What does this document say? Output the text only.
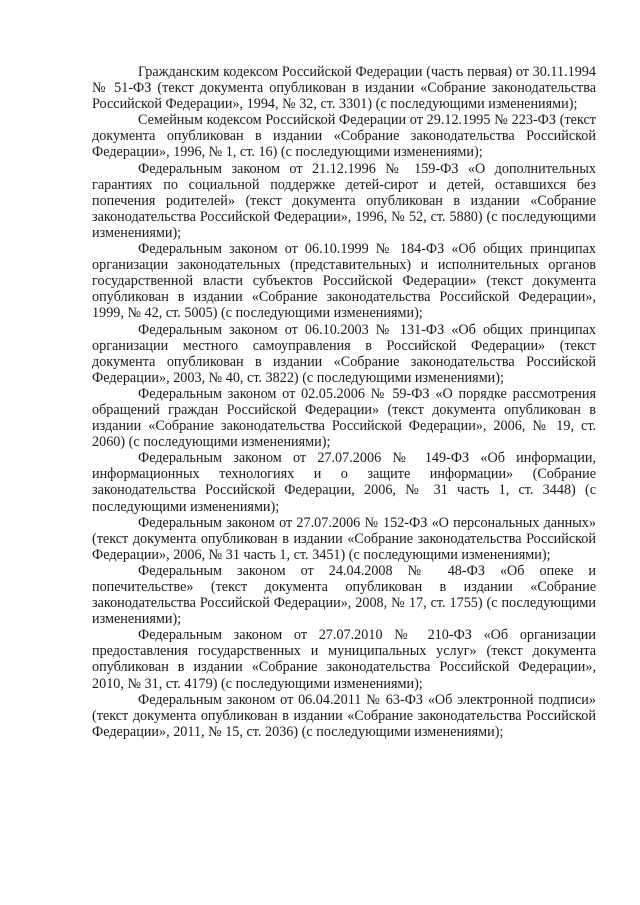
Гражданским кодексом Российской Федерации (часть первая) от 30.11.1994 № 51-ФЗ (текст документа опубликован в издании «Собрание законодательства Российской Федерации», 1994, № 32, ст. 3301) (с последующими изменениями);

Семейным кодексом Российской Федерации от 29.12.1995 № 223-ФЗ (текст документа опубликован в издании «Собрание законодательства Российской Федерации», 1996, № 1, ст. 16) (с последующими изменениями);

Федеральным законом от 21.12.1996 № 159-ФЗ «О дополнительных гарантиях по социальной поддержке детей-сирот и детей, оставшихся без попечения родителей» (текст документа опубликован в издании «Собрание законодательства Российской Федерации», 1996, № 52, ст. 5880) (с последующими изменениями);

Федеральным законом от 06.10.1999 № 184-ФЗ «Об общих принципах организации законодательных (представительных) и исполнительных органов государственной власти субъектов Российской Федерации» (текст документа опубликован в издании «Собрание законодательства Российской Федерации», 1999, № 42, ст. 5005) (с последующими изменениями);

Федеральным законом от 06.10.2003 № 131-ФЗ «Об общих принципах организации местного самоуправления в Российской Федерации» (текст документа опубликован в издании «Собрание законодательства Российской Федерации», 2003, № 40, ст. 3822) (с последующими изменениями);

Федеральным законом от 02.05.2006 № 59-ФЗ «О порядке рассмотрения обращений граждан Российской Федерации» (текст документа опубликован в издании «Собрание законодательства Российской Федерации», 2006, № 19, ст. 2060) (с последующими изменениями);

Федеральным законом от 27.07.2006 № 149-ФЗ «Об информации, информационных технологиях и о защите информации» (Собрание законодательства Российской Федерации, 2006, № 31 часть 1, ст. 3448) (с последующими изменениями);

Федеральным законом от 27.07.2006 № 152-ФЗ «О персональных данных» (текст документа опубликован в издании «Собрание законодательства Российской Федерации», 2006, № 31 часть 1, ст. 3451) (с последующими изменениями);

Федеральным законом от 24.04.2008 № 48-ФЗ «Об опеке и попечительстве» (текст документа опубликован в издании «Собрание законодательства Российской Федерации», 2008, № 17, ст. 1755) (с последующими изменениями);

Федеральным законом от 27.07.2010 № 210-ФЗ «Об организации предоставления государственных и муниципальных услуг» (текст документа опубликован в издании «Собрание законодательства Российской Федерации», 2010, № 31, ст. 4179) (с последующими изменениями);

Федеральным законом от 06.04.2011 № 63-ФЗ «Об электронной подписи» (текст документа опубликован в издании «Собрание законодательства Российской Федерации», 2011, № 15, ст. 2036) (с последующими изменениями);
